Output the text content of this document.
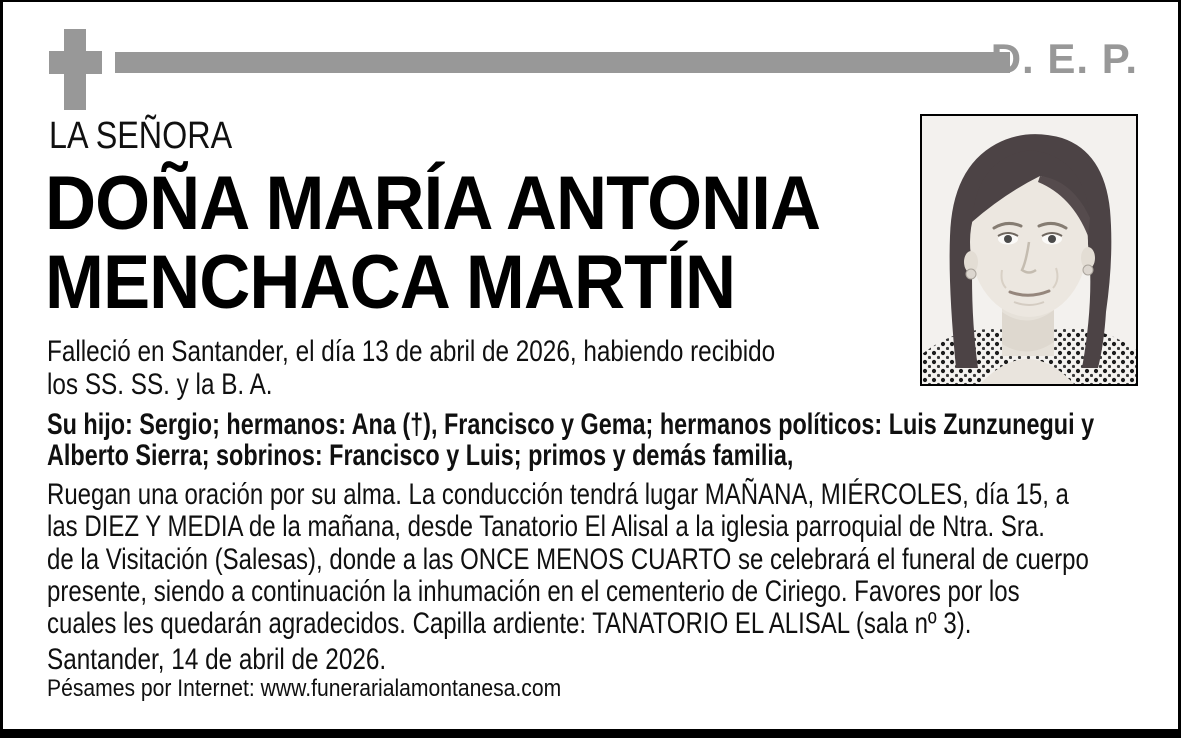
D. E. P.
LA SEÑORA
DOÑA MARÍA ANTONIA
MENCHACA MARTÍN
Falleció en Santander, el día 13 de abril de 2026, habiendo recibido
los SS. SS. y la B. A.
Su hijo: Sergio; hermanos: Ana (†), Francisco y Gema; hermanos políticos: Luis Zunzunegui y
Alberto Sierra; sobrinos: Francisco y Luis; primos y demás familia,
Ruegan una oración por su alma. La conducción tendrá lugar MAÑANA, MIÉRCOLES, día 15, a
las DIEZ Y MEDIA de la mañana, desde Tanatorio El Alisal a la iglesia parroquial de Ntra. Sra.
de la Visitación (Salesas), donde a las ONCE MENOS CUARTO se celebrará el funeral de cuerpo
presente, siendo a continuación la inhumación en el cementerio de Ciriego. Favores por los
cuales les quedarán agradecidos. Capilla ardiente: TANATORIO EL ALISAL (sala nº 3).
Santander, 14 de abril de 2026.
Pésames por Internet: www.funerarialamontanesa.com
